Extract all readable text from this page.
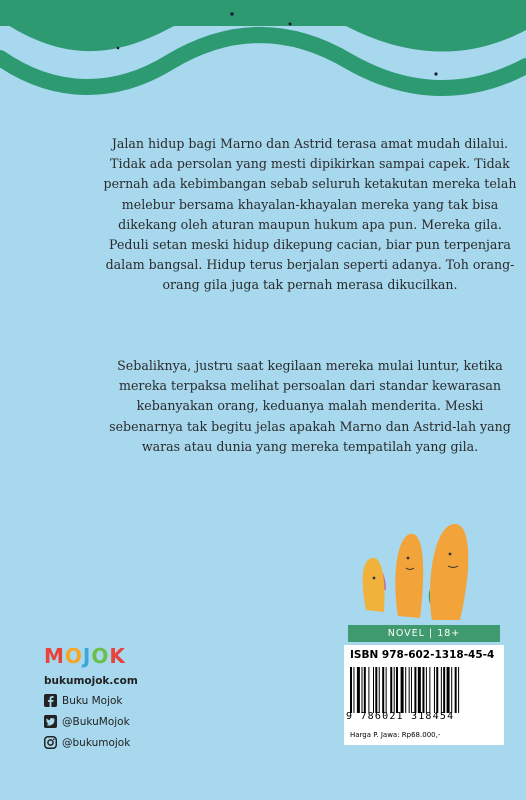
Jalan hidup bagi Marno dan Astrid terasa amat mudah dilalui. Tidak ada persolan yang mesti dipikirkan sampai capek. Tidak pernah ada kebimbangan sebab seluruh ketakutan mereka telah melebur bersama khayalan-khayalan mereka yang tak bisa dikekang oleh aturan maupun hukum apa pun. Mereka gila. Peduli setan meski hidup dikepung cacian, biar pun terpenjara dalam bangsal. Hidup terus berjalan seperti adanya. Toh orang-orang gila juga tak pernah merasa dikucilkan.

Sebaliknya, justru saat kegilaan mereka mulai luntur, ketika mereka terpaksa melihat persoalan dari standar kewarasan kebanyakan orang, keduanya malah menderita. Meski sebenarnya tak begitu jelas apakah Marno dan Astrid-lah yang waras atau dunia yang mereka tempatilah yang gila.

MOJOK
bukumojok.com
Buku Mojok
@BukuMojok
@bukumojok
NOVEL | 18+
ISBN 978-602-1318-45-4
9 786021 318454
Harga P. Jawa: Rp68.000,-
